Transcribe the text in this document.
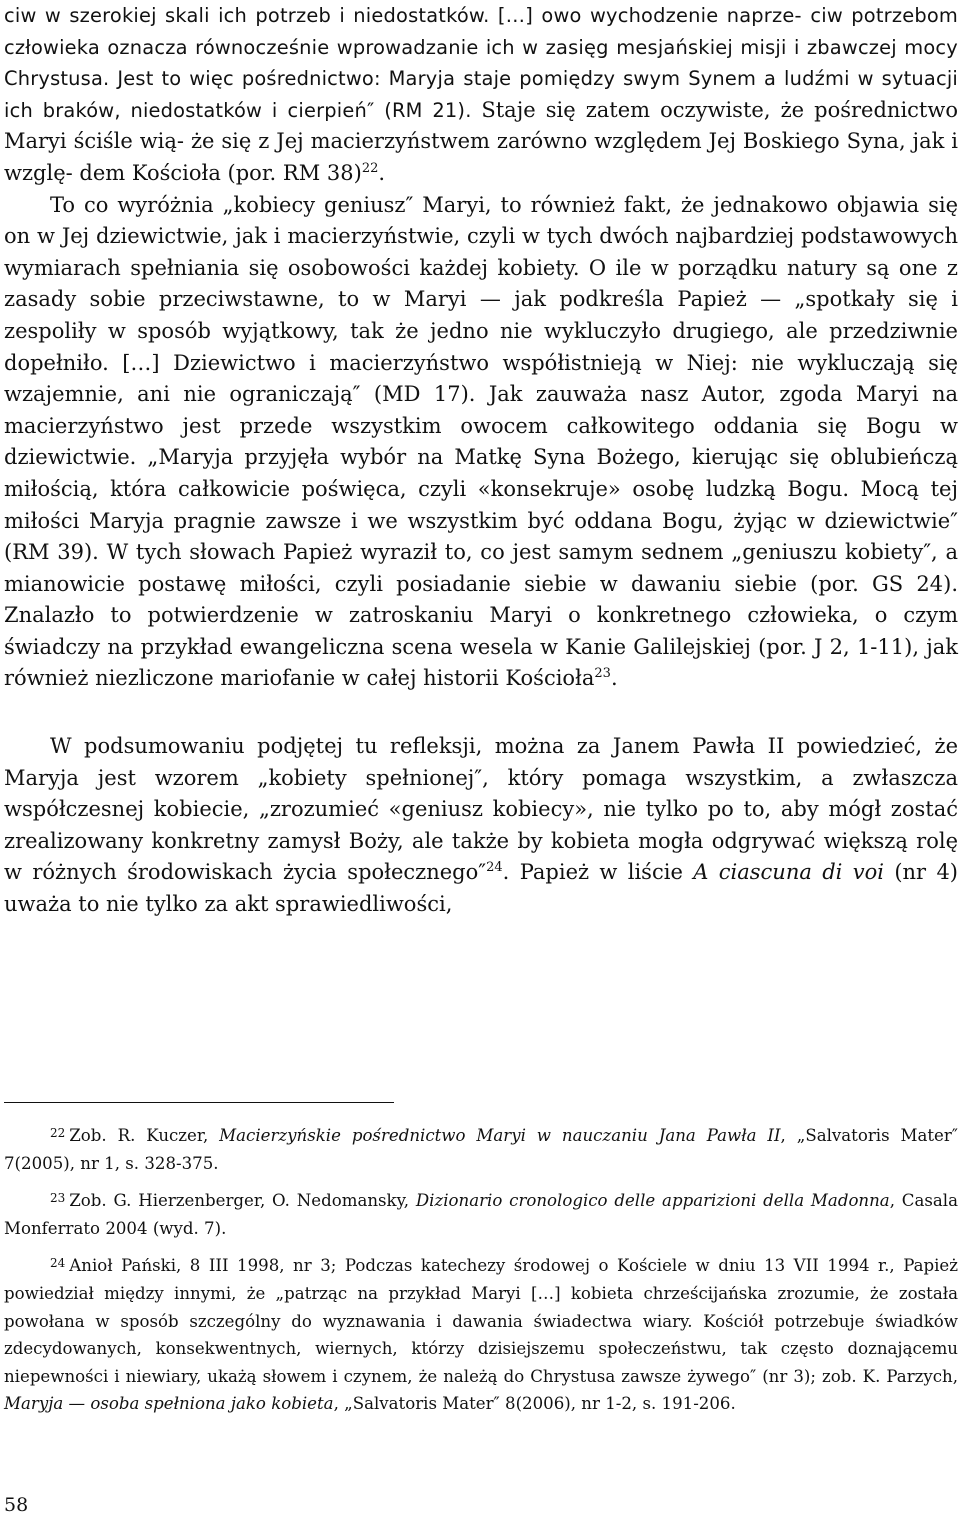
ciw w szerokiej skali ich potrzeb i niedostatków. […] owo wychodzenie naprze- ciw potrzebom człowieka oznacza równocześnie wprowadzanie ich w zasięg mesjańskiej misji i zbawczej mocy Chrystusa. Jest to więc pośrednictwo: Maryja staje pomiędzy swym Synem a ludźmi w sytuacji ich braków, niedostatków i cierpień″ (RM 21). Staje się zatem oczywiste, że pośrednictwo Maryi ściśle wią- że się z Jej macierzyństwem zarówno względem Jej Boskiego Syna, jak i wzglę- dem Kościoła (por. RM 38)$^{22}$.

To co wyróżnia „kobiecy geniusz″ Maryi, to również fakt, że jednakowo objawia się on w Jej dziewictwie, jak i macierzyństwie, czyli w tych dwóch najbardziej podstawowych wymiarach spełniania się osobowości każdej kobiety. O ile w porządku natury są one z zasady sobie przeciwstawne, to w Maryi — jak podkreśla Papież — „spotkały się i zespoliły w sposób wyjątkowy, tak że jedno nie wykluczyło drugiego, ale przedziwnie dopełniło. […] Dziewictwo i macierzyństwo współistnieją w Niej: nie wykluczają się wzajemnie, ani nie ograniczają″ (MD 17). Jak zauważa nasz Autor, zgoda Maryi na macierzyństwo jest przede wszystkim owocem całkowitego oddania się Bogu w dziewictwie. „Maryja przyjęła wybór na Matkę Syna Bożego, kierując się oblubieńczą miłością, która całkowicie poświęca, czyli «konsekruje» osobę ludzką Bogu. Mocą tej miłości Maryja pragnie zawsze i we wszystkim być oddana Bogu, żyjąc w dziewictwie″ (RM 39). W tych słowach Papież wyraził to, co jest samym sednem „geniuszu kobiety″, a mianowicie postawę miłości, czyli posiadanie siebie w dawaniu siebie (por. GS 24). Znalazło to potwierdzenie w zatroskaniu Maryi o konkretnego człowieka, o czym świadczy na przykład ewangeliczna scena wesela w Kanie Galilejskiej (por. J 2, 1-11), jak również niezliczone mariofanie w całej historii Kościoła$^{23}$.

W podsumowaniu podjętej tu refleksji, można za Janem Pawła II powiedzieć, że Maryja jest wzorem „kobiety spełnionej″, który pomaga wszystkim, a zwłaszcza współczesnej kobiecie, „zrozumieć «geniusz kobiecy», nie tylko po to, aby mógł zostać zrealizowany konkretny zamysł Boży, ale także by kobieta mogła odgrywać większą rolę w różnych środowiskach życia społecznego″$^{24}$. Papież w liście A ciascuna di voi (nr 4) uważa to nie tylko za akt sprawiedliwości,

$^{22}$ Zob. R. Kuczer, Macierzyńskie pośrednictwo Maryi w nauczaniu Jana Pawła II, „Salvatoris Mater″ 7(2005), nr 1, s. 328-375.

$^{23}$ Zob. G. Hierzenberger, O. Nedomansky, Dizionario cronologico delle apparizioni della Madonna, Casala Monferrato 2004 (wyd. 7).

$^{24}$ Anioł Pański, 8 III 1998, nr 3; Podczas katechezy środowej o Kościele w dniu 13 VII 1994 r., Papież powiedział między innymi, że „patrząc na przykład Maryi […] kobieta chrześcijańska zrozumie, że została powołana w sposób szczególny do wyznawania i dawania świadectwa wiary. Kościół potrzebuje świadków zdecydowanych, konsekwentnych, wiernych, którzy dzisiejszemu społeczeństwu, tak często doznającemu niepewności i niewiary, ukażą słowem i czynem, że należą do Chrystusa zawsze żywego″ (nr 3); zob. K. Parzych, Maryja — osoba spełniona jako kobieta, „Salvatoris Mater″ 8(2006), nr 1-2, s. 191-206.

58
